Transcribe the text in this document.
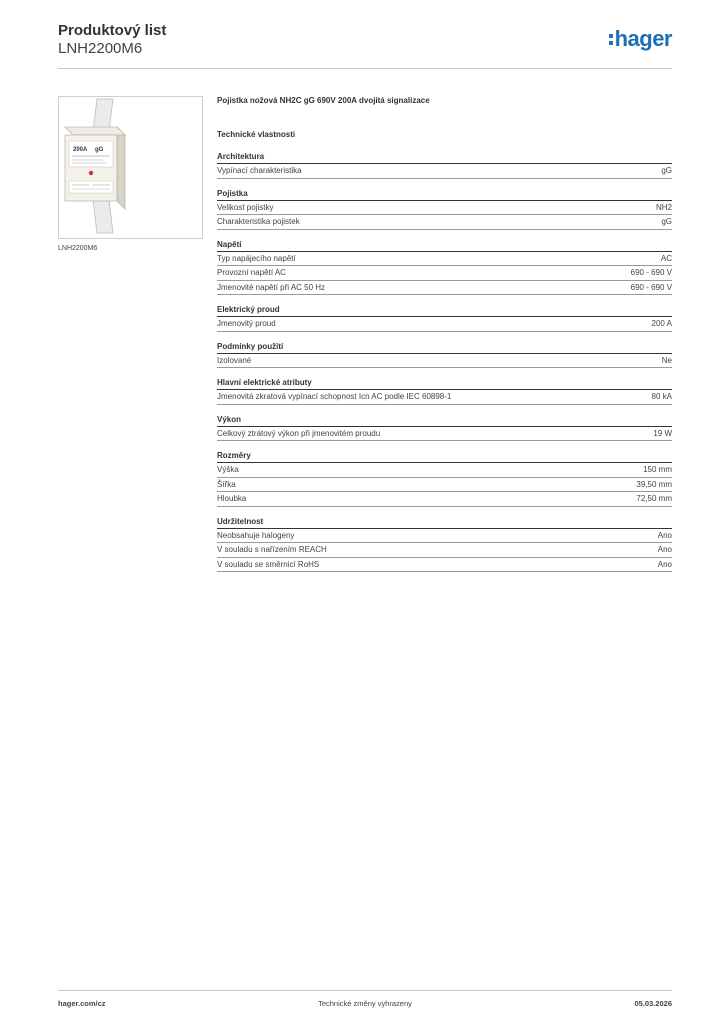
Produktový list
LNH2200M6	hager
200A gG
LNH2200M6
Pojistka nožová NH2C gG 690V 200A dvojitá signalizace
Technické vlastnosti
Architektura
Vypínací charakteristika	gG
Pojistka
Velikost pojistky	NH2
Charakteristika pojistek	gG
Napětí
Typ napájecího napětí	AC
Provozní napětí AC	690 - 690 V
Jmenovité napětí při AC 50 Hz	690 - 690 V
Elektrický proud
Jmenovitý proud	200 A
Podmínky použití
Izolované	Ne
Hlavní elektrické atributy
Jmenovitá zkratová vypínací schopnost Icn AC podle IEC 60898-1	80 kA
Výkon
Celkový ztrátový výkon při jmenovitém proudu	19 W
Rozměry
Výška	150 mm
Šířka	39,50 mm
Hloubka	72,50 mm
Udržitelnost
Neobsahuje halogeny	Ano
V souladu s nařízením REACH	Ano
V souladu se směrnicí RoHS	Ano
hager.com/cz	Technické změny vyhrazeny	05.03.2026
